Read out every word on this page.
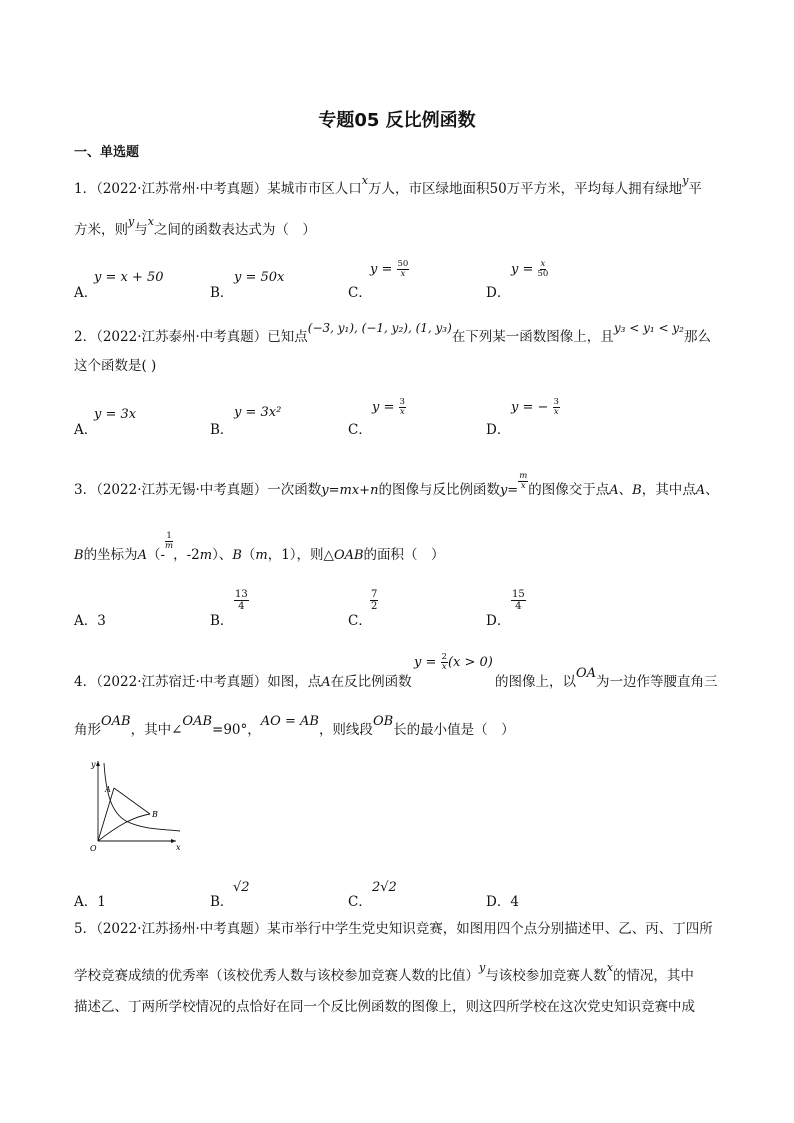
专题05 反比例函数
一、单选题
1．（2022·江苏常州·中考真题）某城市市区人口$^x$万人，市区绿地面积50万平方米，平均每人拥有绿地$^y$平
方米，则$^y$与$^x$之间的函数表达式为（　）
A．
y = x + 50
B．
y = 50x
C．
$y = \frac{50}{x}$
D．
$y = \frac{x}{50}$
2．（2022·江苏泰州·中考真题）已知点(−3, y₁), (−1, y₂), (1, y₃)在下列某一函数图像上，且y₃ < y₁ < y₂那么
这个函数是( )
A．
y = 3x
B．
y = 3x²
C．
$y = \frac{3}{x}$
D．
y = − $\frac{3}{x}$
3．（2022·江苏无锡·中考真题）一次函数y=mx+n的图像与反比例函数$y= \frac{m}{x}$ 的图像交于点A、B，其中点A、
B的坐标为A（-
$\frac{1}{m}$
，-2m）、B（m，1），则△OAB的面积（　）
A．3	B．
$\frac{13}{4}$
C．
$\frac{7}{2}$
D．
$\frac{15}{4}$
4．（2022·江苏宿迁·中考真题）如图，点A在反比例函数
$y = \frac{2}{x} (x > 0)$
的图像上，以OA为一边作等腰直角三
角形OAB，其中∠OAB=90°，AO = AB，则线段OB长的最小值是（　）
y
x
O
A
B
A．1	B．
√2
C．
2√2
D．4
5．（2022·江苏扬州·中考真题）某市举行中学生党史知识竞赛，如图用四个点分别描述甲、乙、丙、丁四所
学校竞赛成绩的优秀率（该校优秀人数与该校参加竞赛人数的比值）$^y$与该校参加竞赛人数$^x$的情况，其中
描述乙、丁两所学校情况的点恰好在同一个反比例函数的图像上，则这四所学校在这次党史知识竞赛中成
